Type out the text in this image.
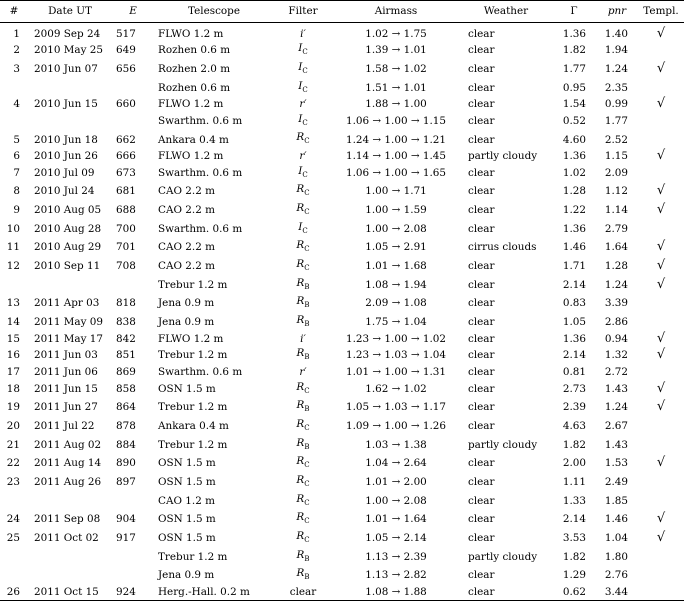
#	Date UT	E	Telescope	Filter	Airmass	Weather	Γ	pnr	Templ.

1	2009 Sep 24	517	FLWO 1.2 m	i′	1.02 → 1.75	clear	1.36	1.40	√
2	2010 May 25	649	Rozhen 0.6 m	$I_C$	1.39 → 1.01	clear	1.82	1.94	
3	2010 Jun 07	656	Rozhen 2.0 m	$I_C$	1.58 → 1.02	clear	1.77	1.24	√
			Rozhen 0.6 m	$I_C$	1.51 → 1.01	clear	0.95	2.35	
4	2010 Jun 15	660	FLWO 1.2 m	r′	1.88 → 1.00	clear	1.54	0.99	√
			Swarthm. 0.6 m	$I_C$	1.06 → 1.00 → 1.15	clear	0.52	1.77	
5	2010 Jun 18	662	Ankara 0.4 m	$R_C$	1.24 → 1.00 → 1.21	clear	4.60	2.52	
6	2010 Jun 26	666	FLWO 1.2 m	r′	1.14 → 1.00 → 1.45	partly cloudy	1.36	1.15	√
7	2010 Jul 09	673	Swarthm. 0.6 m	$I_C$	1.06 → 1.00 → 1.65	clear	1.02	2.09	
8	2010 Jul 24	681	CAO 2.2 m	$R_C$	1.00 → 1.71	clear	1.28	1.12	√
9	2010 Aug 05	688	CAO 2.2 m	$R_C$	1.00 → 1.59	clear	1.22	1.14	√
10	2010 Aug 28	700	Swarthm. 0.6 m	$I_C$	1.00 → 2.08	clear	1.36	2.79	
11	2010 Aug 29	701	CAO 2.2 m	$R_C$	1.05 → 2.91	cirrus clouds	1.46	1.64	√
12	2010 Sep 11	708	CAO 2.2 m	$R_C$	1.01 → 1.68	clear	1.71	1.28	√
			Trebur 1.2 m	$R_B$	1.08 → 1.94	clear	2.14	1.24	√
13	2011 Apr 03	818	Jena 0.9 m	$R_B$	2.09 → 1.08	clear	0.83	3.39	
14	2011 May 09	838	Jena 0.9 m	$R_B$	1.75 → 1.04	clear	1.05	2.86	
15	2011 May 17	842	FLWO 1.2 m	i′	1.23 → 1.00 → 1.02	clear	1.36	0.94	√
16	2011 Jun 03	851	Trebur 1.2 m	$R_B$	1.23 → 1.03 → 1.04	clear	2.14	1.32	√
17	2011 Jun 06	869	Swarthm. 0.6 m	r′	1.01 → 1.00 → 1.31	clear	0.81	2.72	
18	2011 Jun 15	858	OSN 1.5 m	$R_C$	1.62 → 1.02	clear	2.73	1.43	√
19	2011 Jun 27	864	Trebur 1.2 m	$R_B$	1.05 → 1.03 → 1.17	clear	2.39	1.24	√
20	2011 Jul 22	878	Ankara 0.4 m	$R_C$	1.09 → 1.00 → 1.26	clear	4.63	2.67	
21	2011 Aug 02	884	Trebur 1.2 m	$R_B$	1.03 → 1.38	partly cloudy	1.82	1.43	
22	2011 Aug 14	890	OSN 1.5 m	$R_C$	1.04 → 2.64	clear	2.00	1.53	√
23	2011 Aug 26	897	OSN 1.5 m	$R_C$	1.01 → 2.00	clear	1.11	2.49	
			CAO 1.2 m	$R_C$	1.00 → 2.08	clear	1.33	1.85	
24	2011 Sep 08	904	OSN 1.5 m	$R_C$	1.01 → 1.64	clear	2.14	1.46	√
25	2011 Oct 02	917	OSN 1.5 m	$R_C$	1.05 → 2.14	clear	3.53	1.04	√
			Trebur 1.2 m	$R_B$	1.13 → 2.39	partly cloudy	1.82	1.80	
			Jena 0.9 m	$R_B$	1.13 → 2.82	clear	1.29	2.76	
26	2011 Oct 15	924	Herg.-Hall. 0.2 m	clear	1.08 → 1.88	clear	0.62	3.44	
